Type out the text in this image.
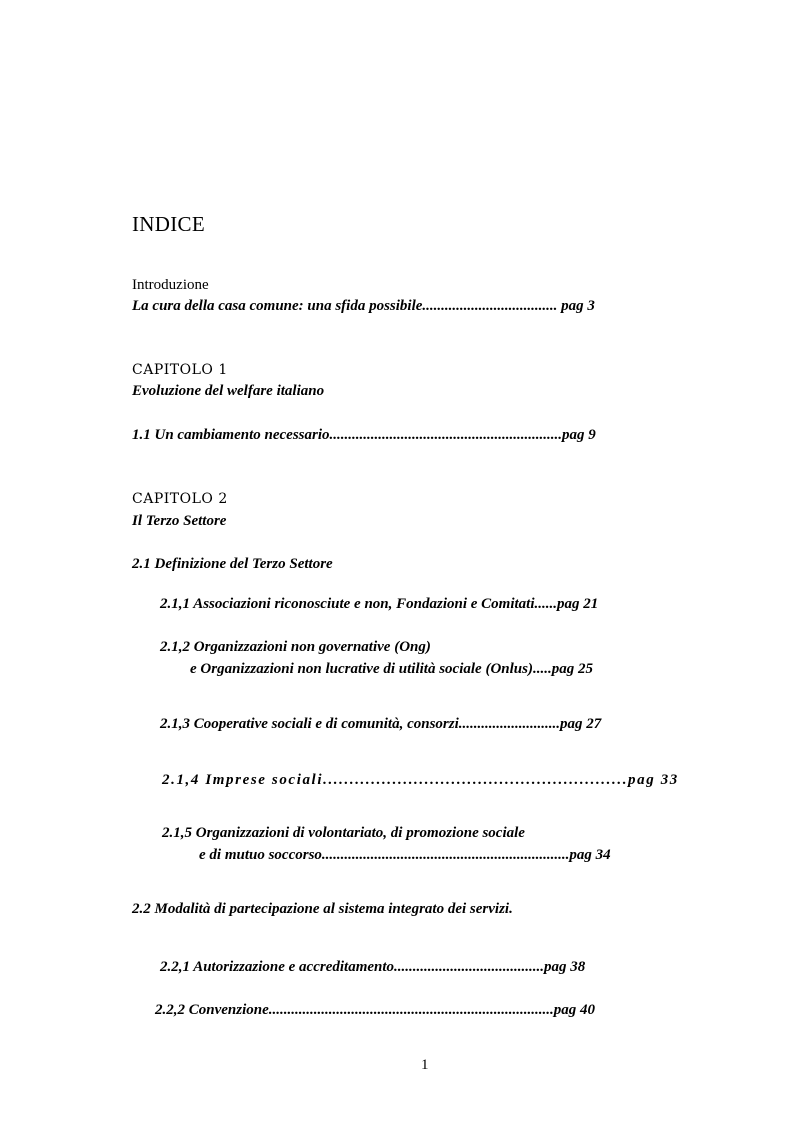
INDICE
Introduzione
La cura della casa comune: una sfida possibile.................................... pag 3
CAPITOLO 1
Evoluzione del welfare italiano
1.1 Un cambiamento necessario..............................................................pag 9
CAPITOLO 2
Il Terzo Settore
2.1 Definizione del Terzo Settore
2.1,1 Associazioni riconosciute e non, Fondazioni e Comitati......pag 21
2.1,2 Organizzazioni non governative (Ong)
e Organizzazioni non lucrative di utilità sociale (Onlus).....pag 25
2.1,3 Cooperative sociali e di comunità, consorzi...........................pag 27
2.1,4 Imprese sociali.........................................................pag 33
2.1,5 Organizzazioni di volontariato, di promozione sociale
e di mutuo soccorso..................................................................pag 34
2.2 Modalità di partecipazione al sistema integrato dei servizi.
2.2,1 Autorizzazione e accreditamento........................................pag 38
2.2,2 Convenzione............................................................................pag 40
1
